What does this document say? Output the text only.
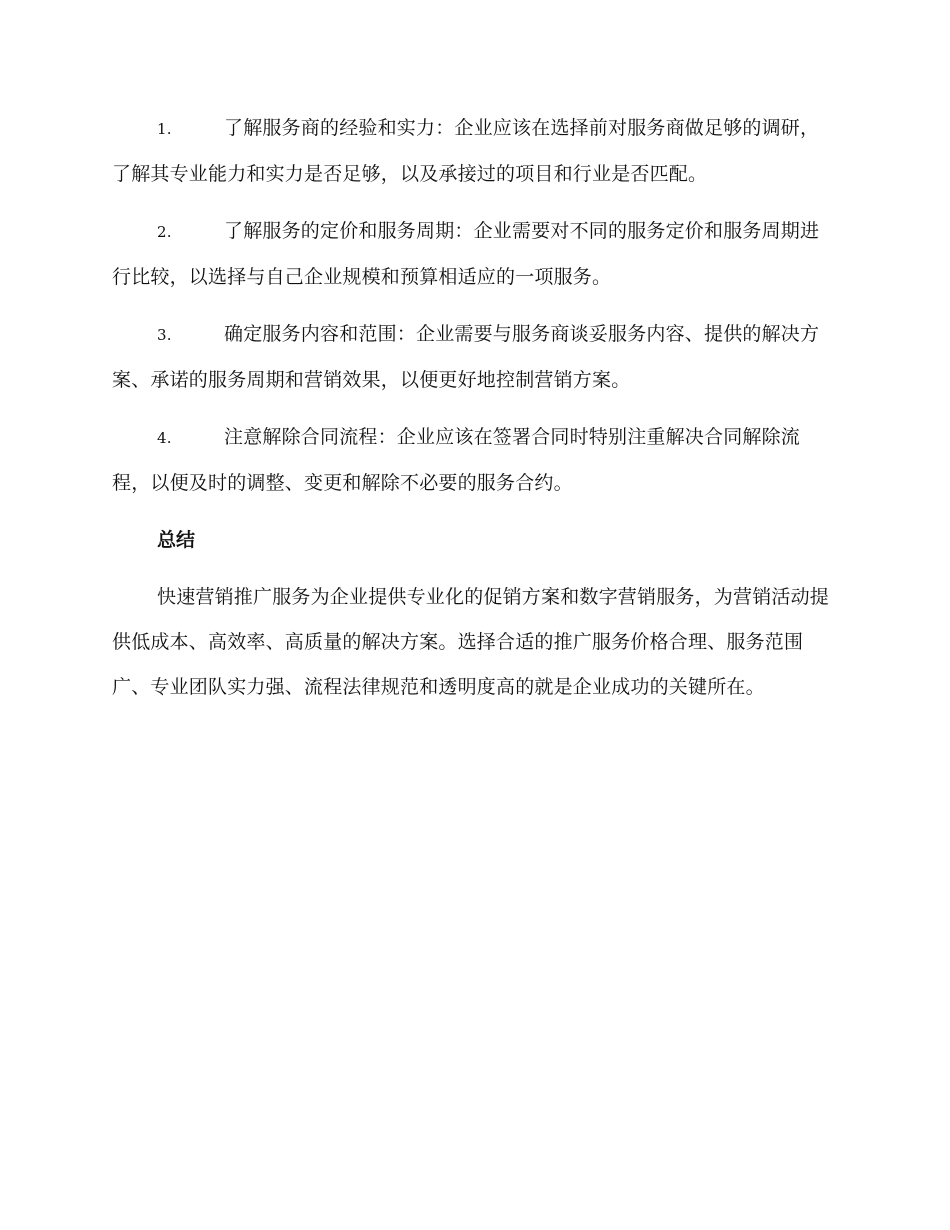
1.	了解服务商的经验和实力：企业应该在选择前对服务商做足够的调研，了解其专业能力和实力是否足够，以及承接过的项目和行业是否匹配。

2.	了解服务的定价和服务周期：企业需要对不同的服务定价和服务周期进行比较，以选择与自己企业规模和预算相适应的一项服务。

3.	确定服务内容和范围：企业需要与服务商谈妥服务内容、提供的解决方案、承诺的服务周期和营销效果，以便更好地控制营销方案。

4.	注意解除合同流程：企业应该在签署合同时特别注重解决合同解除流程，以便及时的调整、变更和解除不必要的服务合约。

总结

快速营销推广服务为企业提供专业化的促销方案和数字营销服务，为营销活动提供低成本、高效率、高质量的解决方案。选择合适的推广服务价格合理、服务范围广、专业团队实力强、流程法律规范和透明度高的就是企业成功的关键所在。
